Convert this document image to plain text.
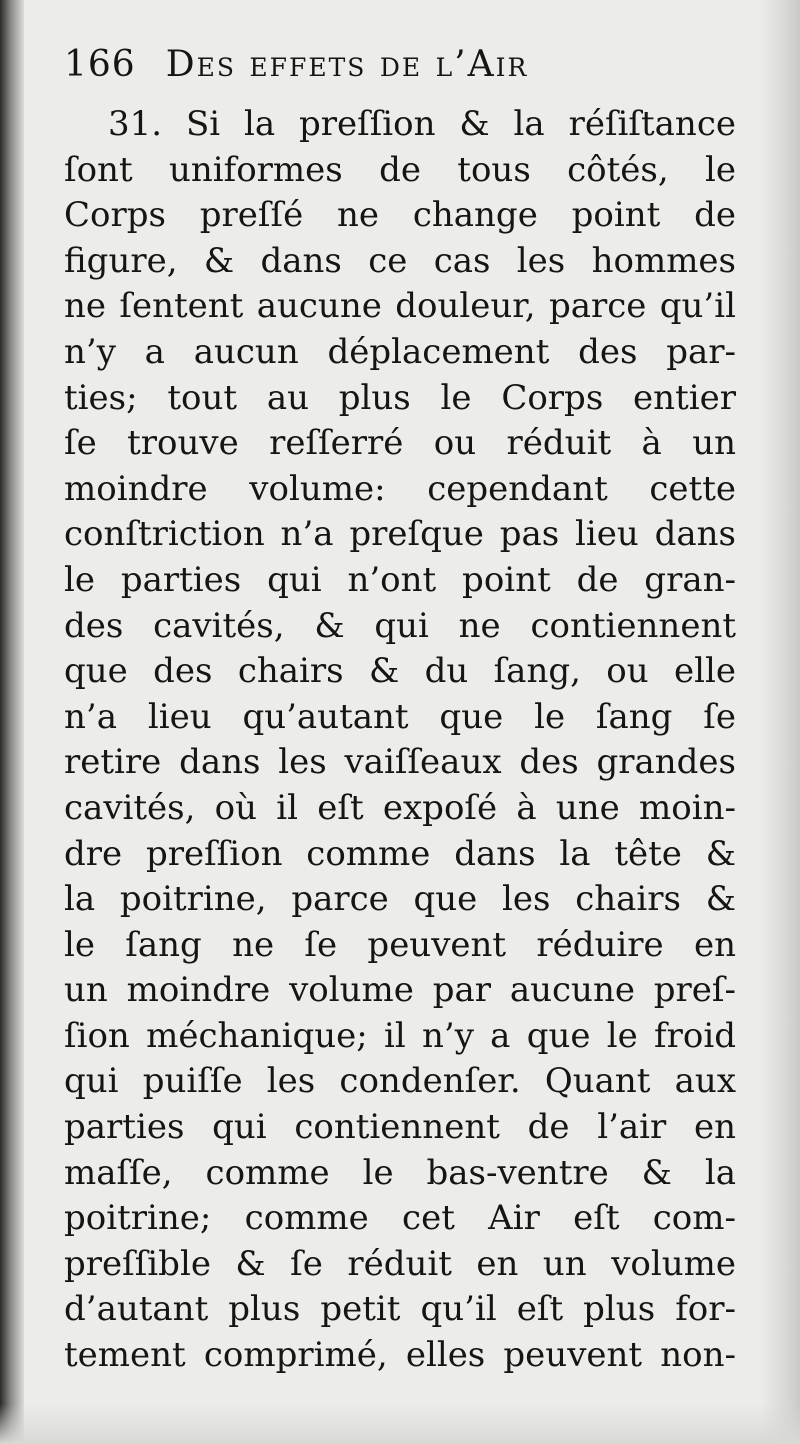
166 Des effets de l’Air
31. Si la preſſion & la réſiſtance
ſont uniformes de tous côtés, le
Corps preſſé ne change point de
figure, & dans ce cas les hommes
ne ſentent aucune douleur, parce qu’il
n’y a aucun déplacement des par-
ties; tout au plus le Corps entier
ſe trouve reſſerré ou réduit à un
moindre volume: cependant cette
conſtriction n’a preſque pas lieu dans
le parties qui n’ont point de gran-
des cavités, & qui ne contiennent
que des chairs & du ſang, ou elle
n’a lieu qu’autant que le ſang ſe
retire dans les vaiſſeaux des grandes
cavités, où il eſt expoſé à une moin-
dre preſſion comme dans la tête &
la poitrine, parce que les chairs &
le ſang ne ſe peuvent réduire en
un moindre volume par aucune preſ-
ſion méchanique; il n’y a que le froid
qui puiſſe les condenſer. Quant aux
parties qui contiennent de l’air en
maſſe, comme le bas-ventre & la
poitrine; comme cet Air eſt com-
preſſible & ſe réduit en un volume
d’autant plus petit qu’il eſt plus for-
tement comprimé, elles peuvent non-
